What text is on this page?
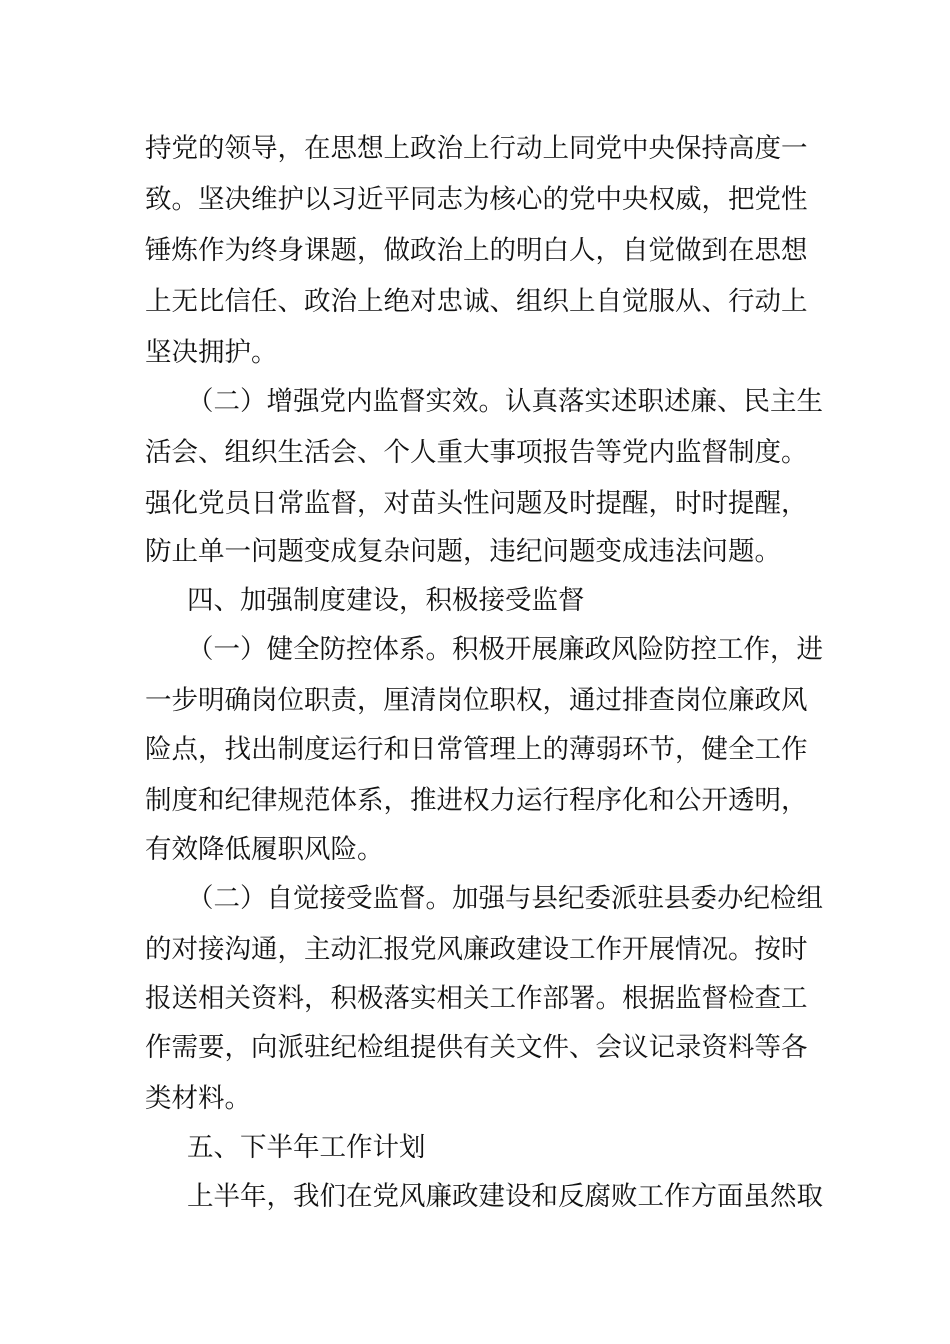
持党的领导，在思想上政治上行动上同党中央保持高度一
致。坚决维护以习近平同志为核心的党中央权威，把党性
锤炼作为终身课题，做政治上的明白人，自觉做到在思想
上无比信任、政治上绝对忠诚、组织上自觉服从、行动上
坚决拥护。
（二）增强党内监督实效。认真落实述职述廉、民主生
活会、组织生活会、个人重大事项报告等党内监督制度。
强化党员日常监督，对苗头性问题及时提醒，时时提醒，
防止单一问题变成复杂问题，违纪问题变成违法问题。
四、加强制度建设，积极接受监督
（一）健全防控体系。积极开展廉政风险防控工作，进
一步明确岗位职责，厘清岗位职权，通过排查岗位廉政风
险点，找出制度运行和日常管理上的薄弱环节，健全工作
制度和纪律规范体系，推进权力运行程序化和公开透明，
有效降低履职风险。
（二）自觉接受监督。加强与县纪委派驻县委办纪检组
的对接沟通，主动汇报党风廉政建设工作开展情况。按时
报送相关资料，积极落实相关工作部署。根据监督检查工
作需要，向派驻纪检组提供有关文件、会议记录资料等各
类材料。
五、下半年工作计划
上半年，我们在党风廉政建设和反腐败工作方面虽然取
